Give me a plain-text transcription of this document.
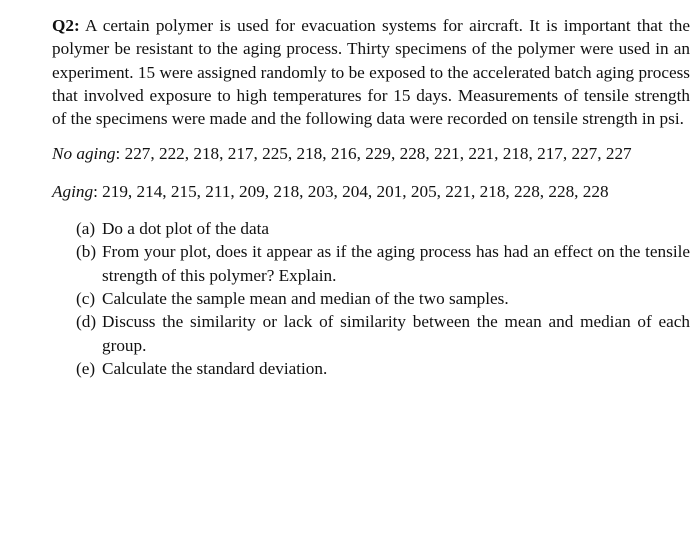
Q2: A certain polymer is used for evacuation systems for aircraft. It is important that the polymer be resistant to the aging process. Thirty specimens of the polymer were used in an experiment. 15 were assigned randomly to be exposed to the accelerated batch aging process that involved exposure to high temperatures for 15 days. Measurements of tensile strength of the specimens were made and the following data were recorded on tensile strength in psi.

No aging: 227, 222, 218, 217, 225, 218, 216, 229, 228, 221, 221, 218, 217, 227, 227

Aging: 219, 214, 215, 211, 209, 218, 203, 204, 201, 205, 221, 218, 228, 228, 228

(a) Do a dot plot of the data
(b) From your plot, does it appear as if the aging process has had an effect on the tensile strength of this polymer? Explain.
(c) Calculate the sample mean and median of the two samples.
(d) Discuss the similarity or lack of similarity between the mean and median of each group.
(e) Calculate the standard deviation.
